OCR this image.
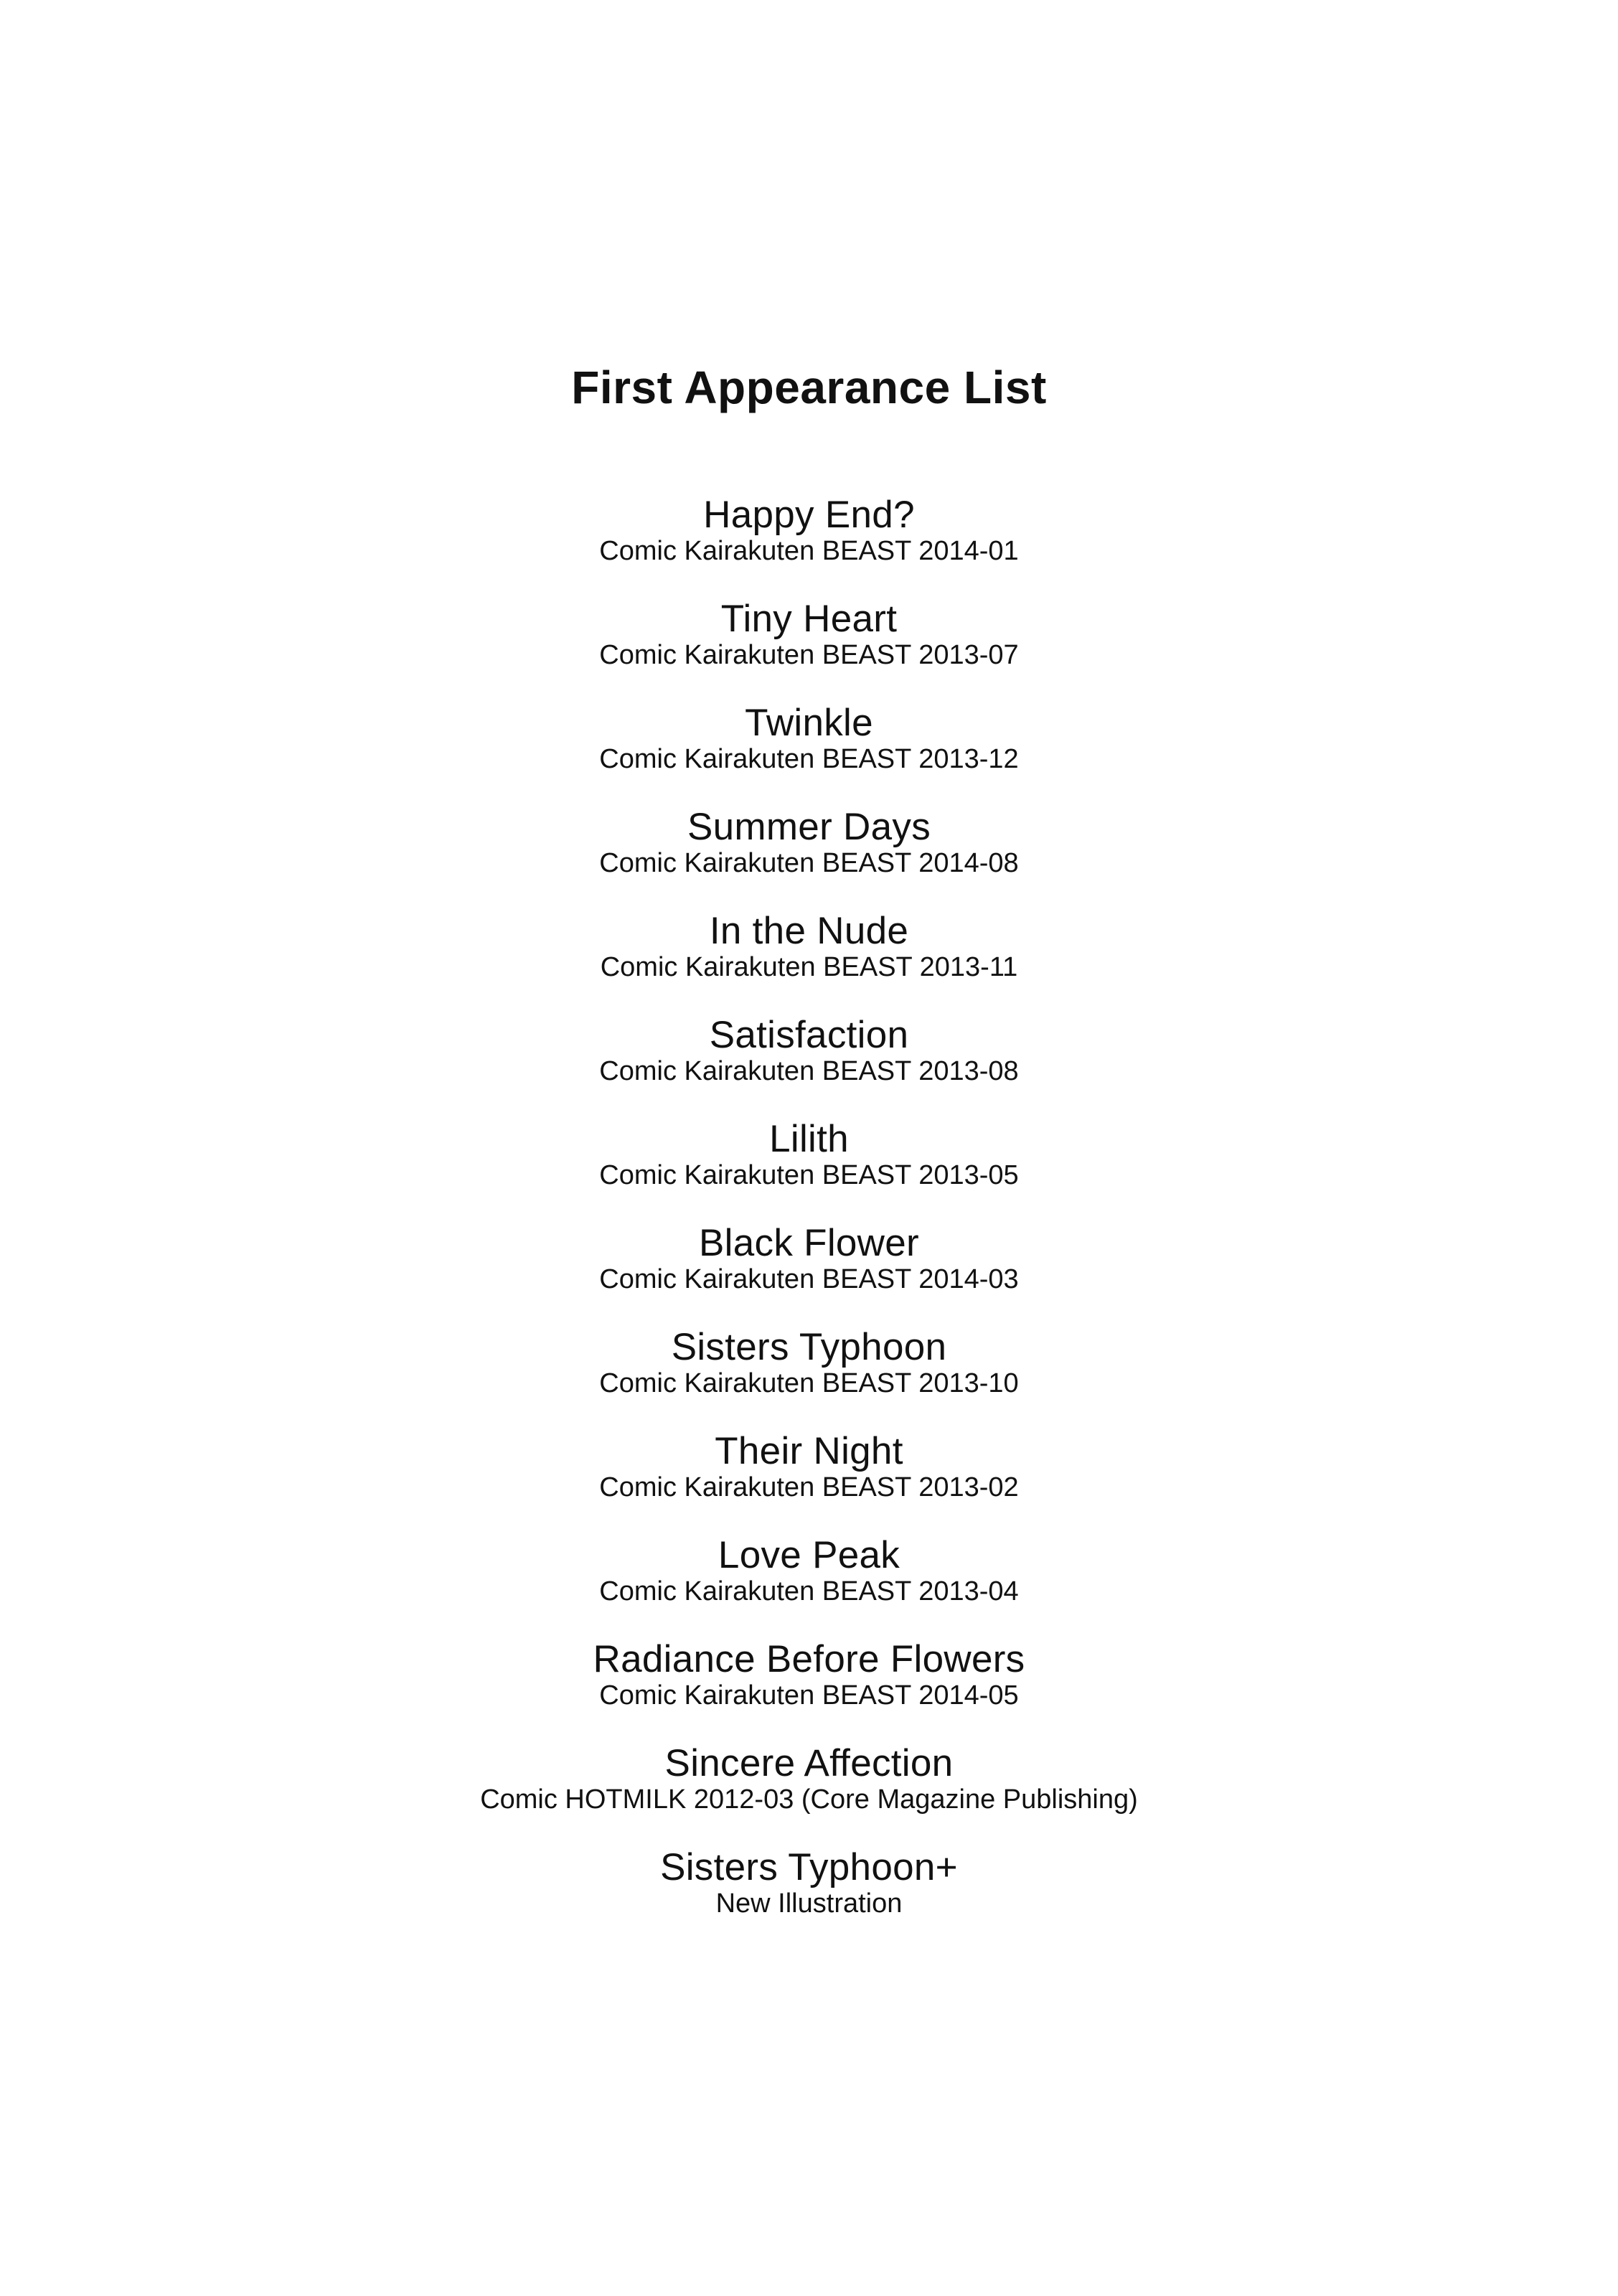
First Appearance List
Happy End?
Comic Kairakuten BEAST 2014-01
Tiny Heart
Comic Kairakuten BEAST 2013-07
Twinkle
Comic Kairakuten BEAST 2013-12
Summer Days
Comic Kairakuten BEAST 2014-08
In the Nude
Comic Kairakuten BEAST 2013-11
Satisfaction
Comic Kairakuten BEAST 2013-08
Lilith
Comic Kairakuten BEAST 2013-05
Black Flower
Comic Kairakuten BEAST 2014-03
Sisters Typhoon
Comic Kairakuten BEAST 2013-10
Their Night
Comic Kairakuten BEAST 2013-02
Love Peak
Comic Kairakuten BEAST 2013-04
Radiance Before Flowers
Comic Kairakuten BEAST 2014-05
Sincere Affection
Comic HOTMILK 2012-03 (Core Magazine Publishing)
Sisters Typhoon+
New Illustration
